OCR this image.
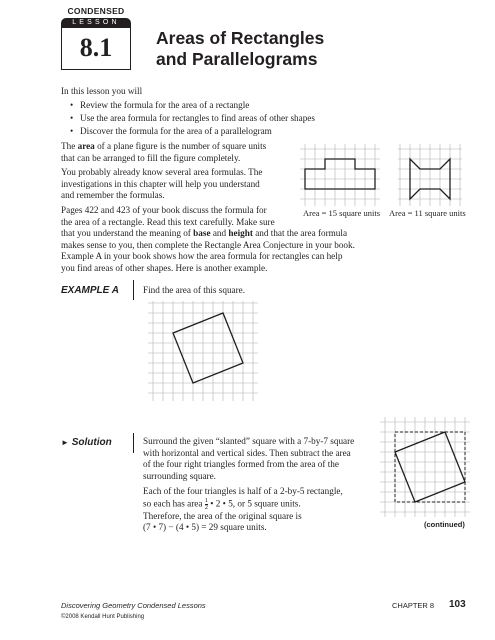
CONDENSED
LESSON
8.1	Areas of Rectangles
and Parallelograms
In this lesson you will
• Review the formula for the area of a rectangle
• Use the area formula for rectangles to find areas of other shapes
• Discover the formula for the area of a parallelogram
The area of a plane figure is the number of square units
that can be arranged to fill the figure completely.
You probably already know several area formulas. The
investigations in this chapter will help you understand
and remember the formulas.
Pages 422 and 423 of your book discuss the formula for
the area of a rectangle. Read this text carefully. Make sure
that you understand the meaning of base and height and that the area formula
makes sense to you, then complete the Rectangle Area Conjecture in your book.
Example A in your book shows how the area formula for rectangles can help
you find areas of other shapes. Here is another example.
Area = 15 square units Area = 11 square units
EXAMPLE A	Find the area of this square.
► Solution	Surround the given “slanted” square with a 7-by-7 square
with horizontal and vertical sides. Then subtract the area
of the four right triangles formed from the area of the
surrounding square.
Each of the four triangles is half of a 2-by-5 rectangle,
so each has area $\frac{1}{2}$ • 2 • 5, or 5 square units.
Therefore, the area of the original square is
(7 • 7) − (4 • 5) = 29 square units.	(continued)
Discovering Geometry Condensed Lessons
©2008 Kendall Hunt Publishing
CHAPTER 8 103
